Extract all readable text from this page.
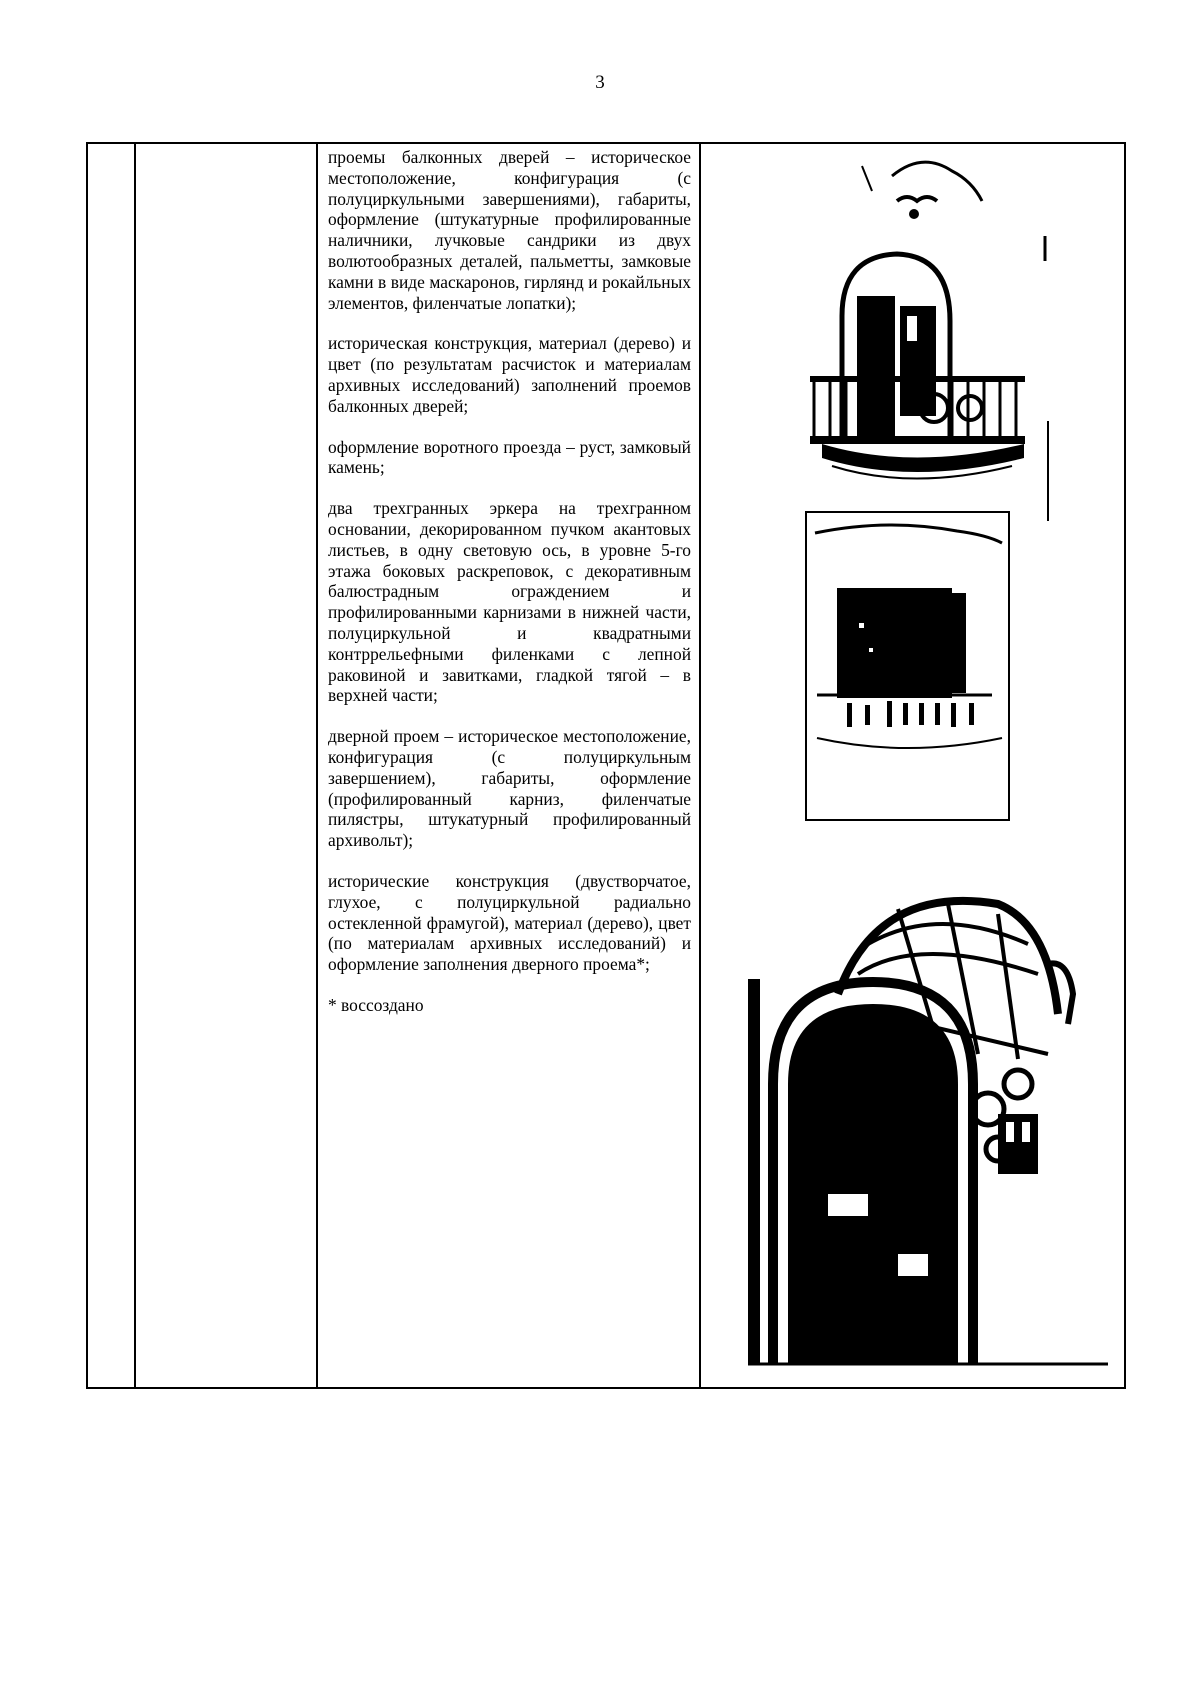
3

проемы балконных дверей – историческое местоположение, конфигурация (с полуциркульными завершениями), габариты, оформление (штукатурные профилированные наличники, лучковые сандрики из двух волютообразных деталей, пальметты, замковые камни в виде маскаронов, гирлянд и рокайльных элементов, филенчатые лопатки);

историческая конструкция, материал (дерево) и цвет (по результатам расчисток и материалам архивных исследований) заполнений проемов балконных дверей;

оформление воротного проезда – руст, замковый камень;

два трехгранных эркера на трехгранном основании, декорированном пучком акантовых листьев, в одну световую ось, в уровне 5-го этажа боковых раскреповок, с декоративным балюстрадным ограждением и профилированными карнизами в нижней части, полуциркульной и квадратными контррельефными филенками с лепной раковиной и завитками, гладкой тягой – в верхней части;

дверной проем – историческое местоположение, конфигурация (с полуциркульным завершением), габариты, оформление (профилированный карниз, филенчатые пилястры, штукатурный профилированный архивольт);

исторические конструкция (двустворчатое, глухое, с полуциркульной радиально остекленной фрамугой), материал (дерево), цвет (по материалам архивных исследований) и оформление заполнения дверного проема*;

* воссоздано
